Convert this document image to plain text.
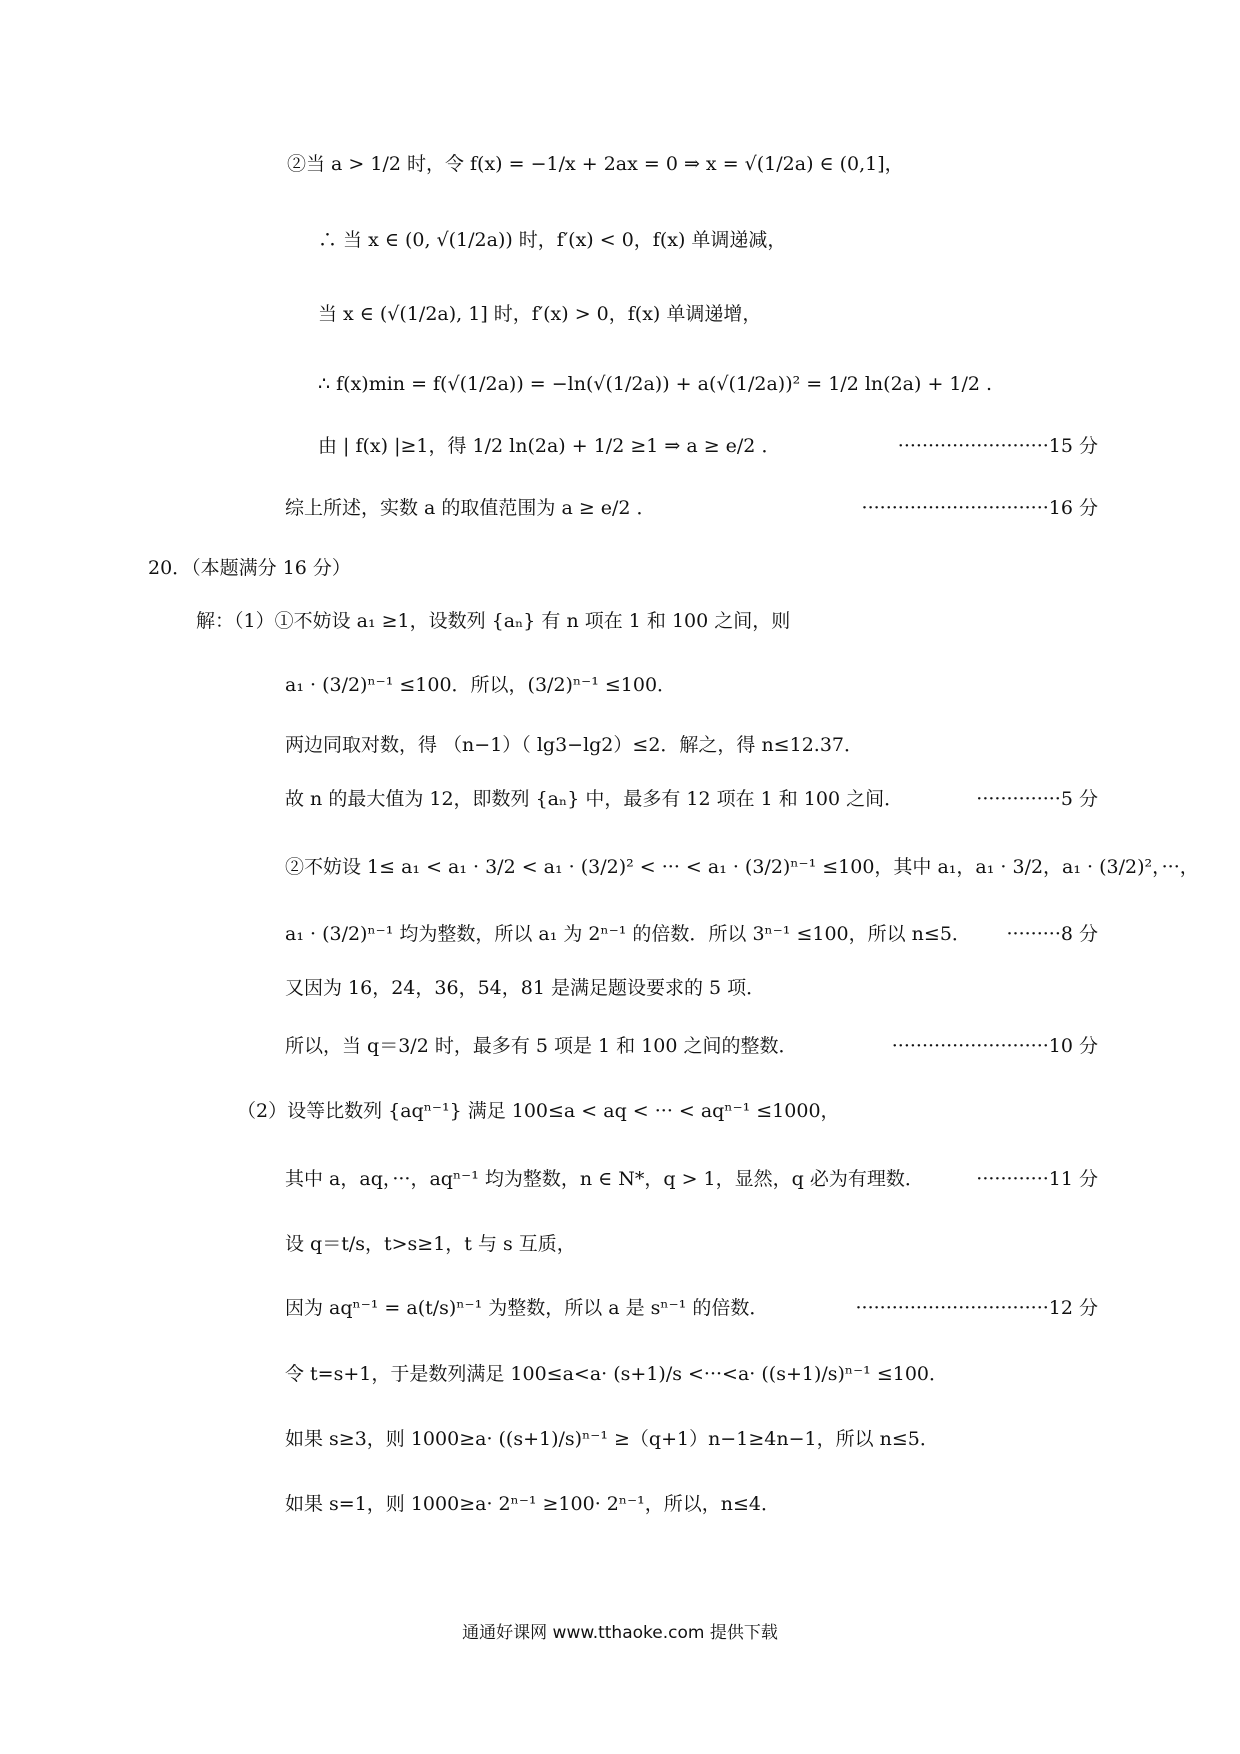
②当 a > 1/2 时，令 f(x) = −1/x + 2ax = 0 ⇒ x = √(1/2a) ∈ (0,1]，
∴ 当 x ∈ (0, √(1/2a)) 时，f′(x) < 0，f(x) 单调递减，
当 x ∈ (√(1/2a), 1] 时，f′(x) > 0，f(x) 单调递增，
∴ f(x)min = f(√(1/2a)) = −ln(√(1/2a)) + a(√(1/2a))² = 1/2 ln(2a) + 1/2 .
由 | f(x) |≥1，得 1/2 ln(2a) + 1/2 ≥1 ⇒ a ≥ e/2 ．	·························15 分
综上所述，实数 a 的取值范围为 a ≥ e/2 ．	·······························16 分
20．（本题满分 16 分）
解：（1）①不妨设 a₁ ≥1，设数列 {aₙ} 有 n 项在 1 和 100 之间，则
a₁ · (3/2)ⁿ⁻¹ ≤100．所以，(3/2)ⁿ⁻¹ ≤100．
两边同取对数，得 （n−1）（ lg3−lg2）≤2．解之，得 n≤12.37．
故 n 的最大值为 12，即数列 {aₙ} 中，最多有 12 项在 1 和 100 之间．	··············5 分
②不妨设 1≤ a₁ < a₁ · 3/2 < a₁ · (3/2)² < ··· < a₁ · (3/2)ⁿ⁻¹ ≤100，其中 a₁，a₁ · 3/2，a₁ · (3/2)²，···，
a₁ · (3/2)ⁿ⁻¹ 均为整数，所以 a₁ 为 2ⁿ⁻¹ 的倍数．所以 3ⁿ⁻¹ ≤100，所以 n≤5． ·········8 分
又因为 16，24，36，54，81 是满足题设要求的 5 项．
所以，当 q＝3/2 时，最多有 5 项是 1 和 100 之间的整数．	··························10 分
（2）设等比数列 {aqⁿ⁻¹} 满足 100≤a < aq < ··· < aqⁿ⁻¹ ≤1000，
其中 a，aq，···，aqⁿ⁻¹ 均为整数，n ∈ N*，q > 1，显然，q 必为有理数．	············11 分
设 q＝t/s，t>s≥1，t 与 s 互质，
因为 aqⁿ⁻¹ = a(t/s)ⁿ⁻¹ 为整数，所以 a 是 sⁿ⁻¹ 的倍数．	································12 分
令 t=s+1，于是数列满足 100≤a<a· (s+1)/s <···<a· ((s+1)/s)ⁿ⁻¹ ≤100．
如果 s≥3，则 1000≥a· ((s+1)/s)ⁿ⁻¹ ≥（q+1）n−1≥4n−1，所以 n≤5．
如果 s=1，则 1000≥a· 2ⁿ⁻¹ ≥100· 2ⁿ⁻¹，所以，n≤4．
通通好课网 www.tthaoke.com 提供下载
